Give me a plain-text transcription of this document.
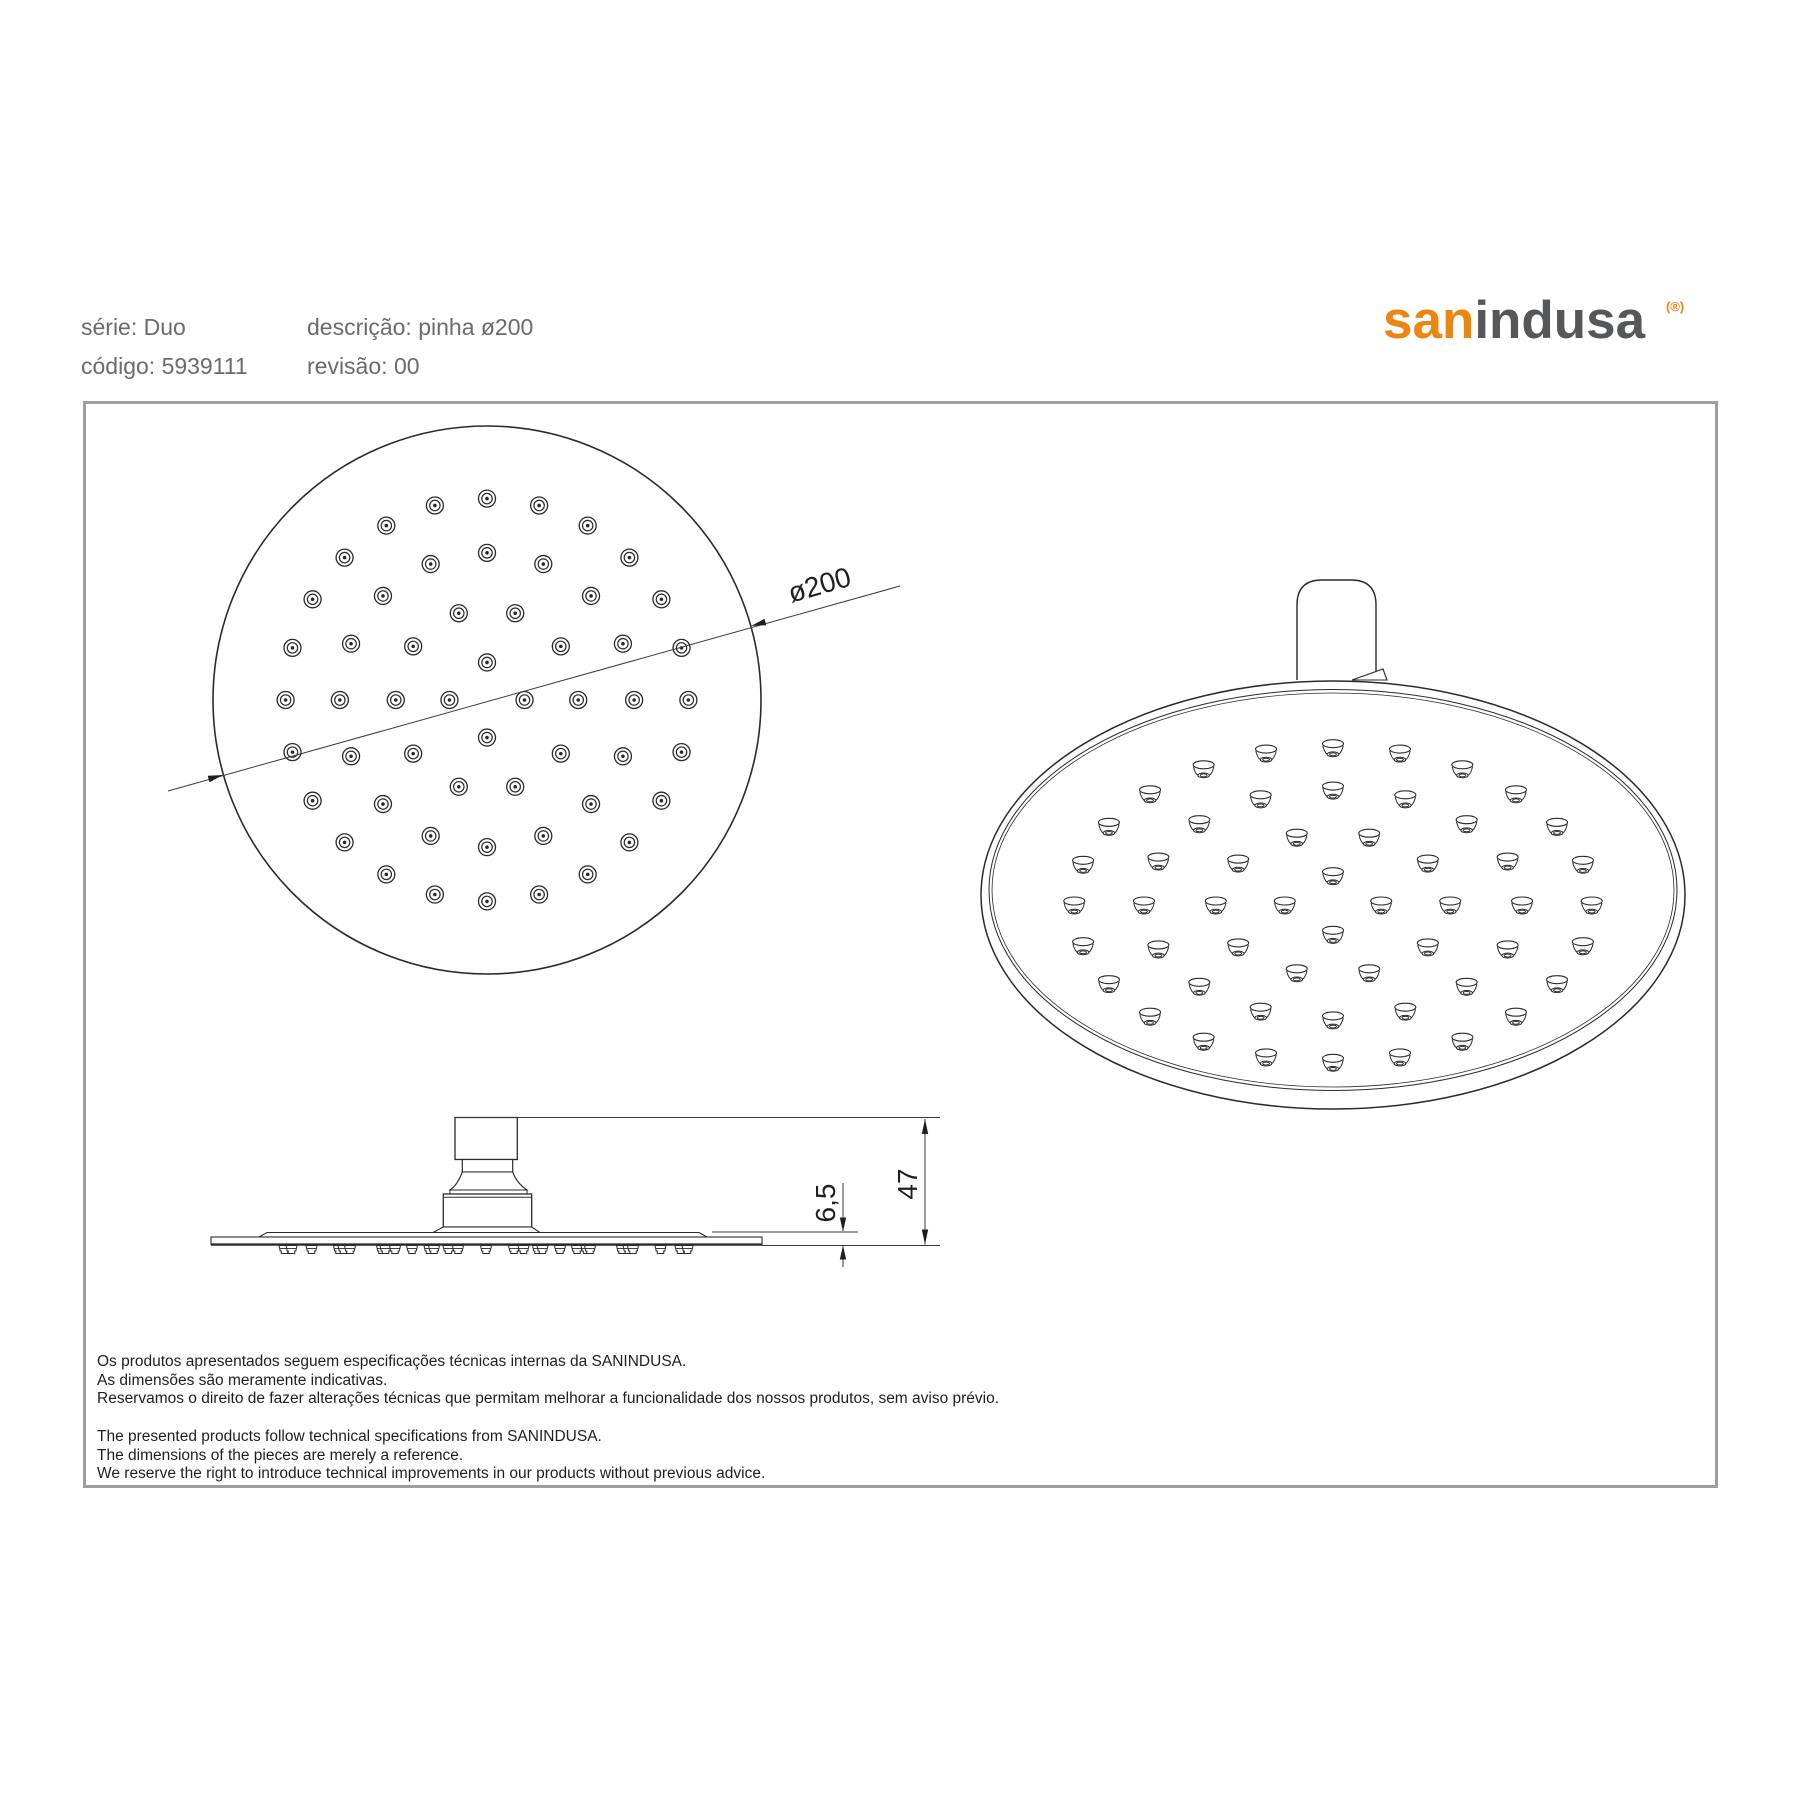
série: Duo	descrição: pinha ø200
código: 5939111	revisão: 00
sanindusa (®)
ø200
47
6,5
Os produtos apresentados seguem especificações técnicas internas da SANINDUSA.
As dimensões são meramente indicativas.
Reservamos o direito de fazer alterações técnicas que permitam melhorar a funcionalidade dos nossos produtos, sem aviso prévio.
The presented products follow technical specifications from SANINDUSA.
The dimensions of the pieces are merely a reference.
We reserve the right to introduce technical improvements in our products without previous advice.
